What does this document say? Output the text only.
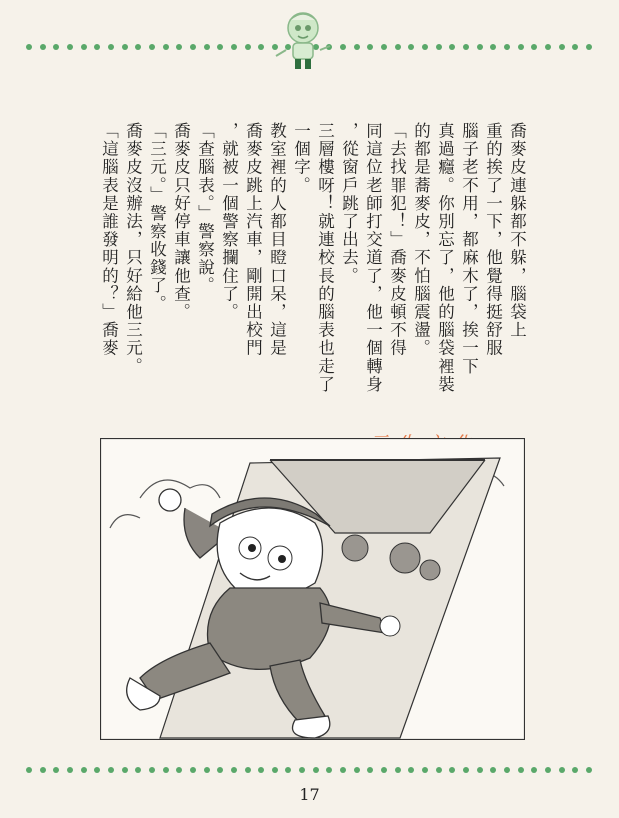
喬麥皮連躲都不躲，腦袋上
重的挨了一下，他覺得挺舒服
腦子老不用，都麻木了，挨一下
真過癮。你別忘了，他的腦袋裡裝
的都是蕎麥皮，不怕腦震盪。
「去找罪犯！」喬麥皮頓不得
同這位老師打交道了，他一個轉身
，從窗戶跳了出去。
三層樓呀！就連校長的腦表也走了
一個字。
教室裡的人都目瞪口呆，這是
喬麥皮跳上汽車，剛開出校門
，就被一個警察攔住了。
「查腦表。」警察說。
喬麥皮只好停車讓他查。
「三元。」警察收錢了。
喬麥皮沒辦法，只好給他三元。
「這腦表是誰發明的？」喬麥
17
